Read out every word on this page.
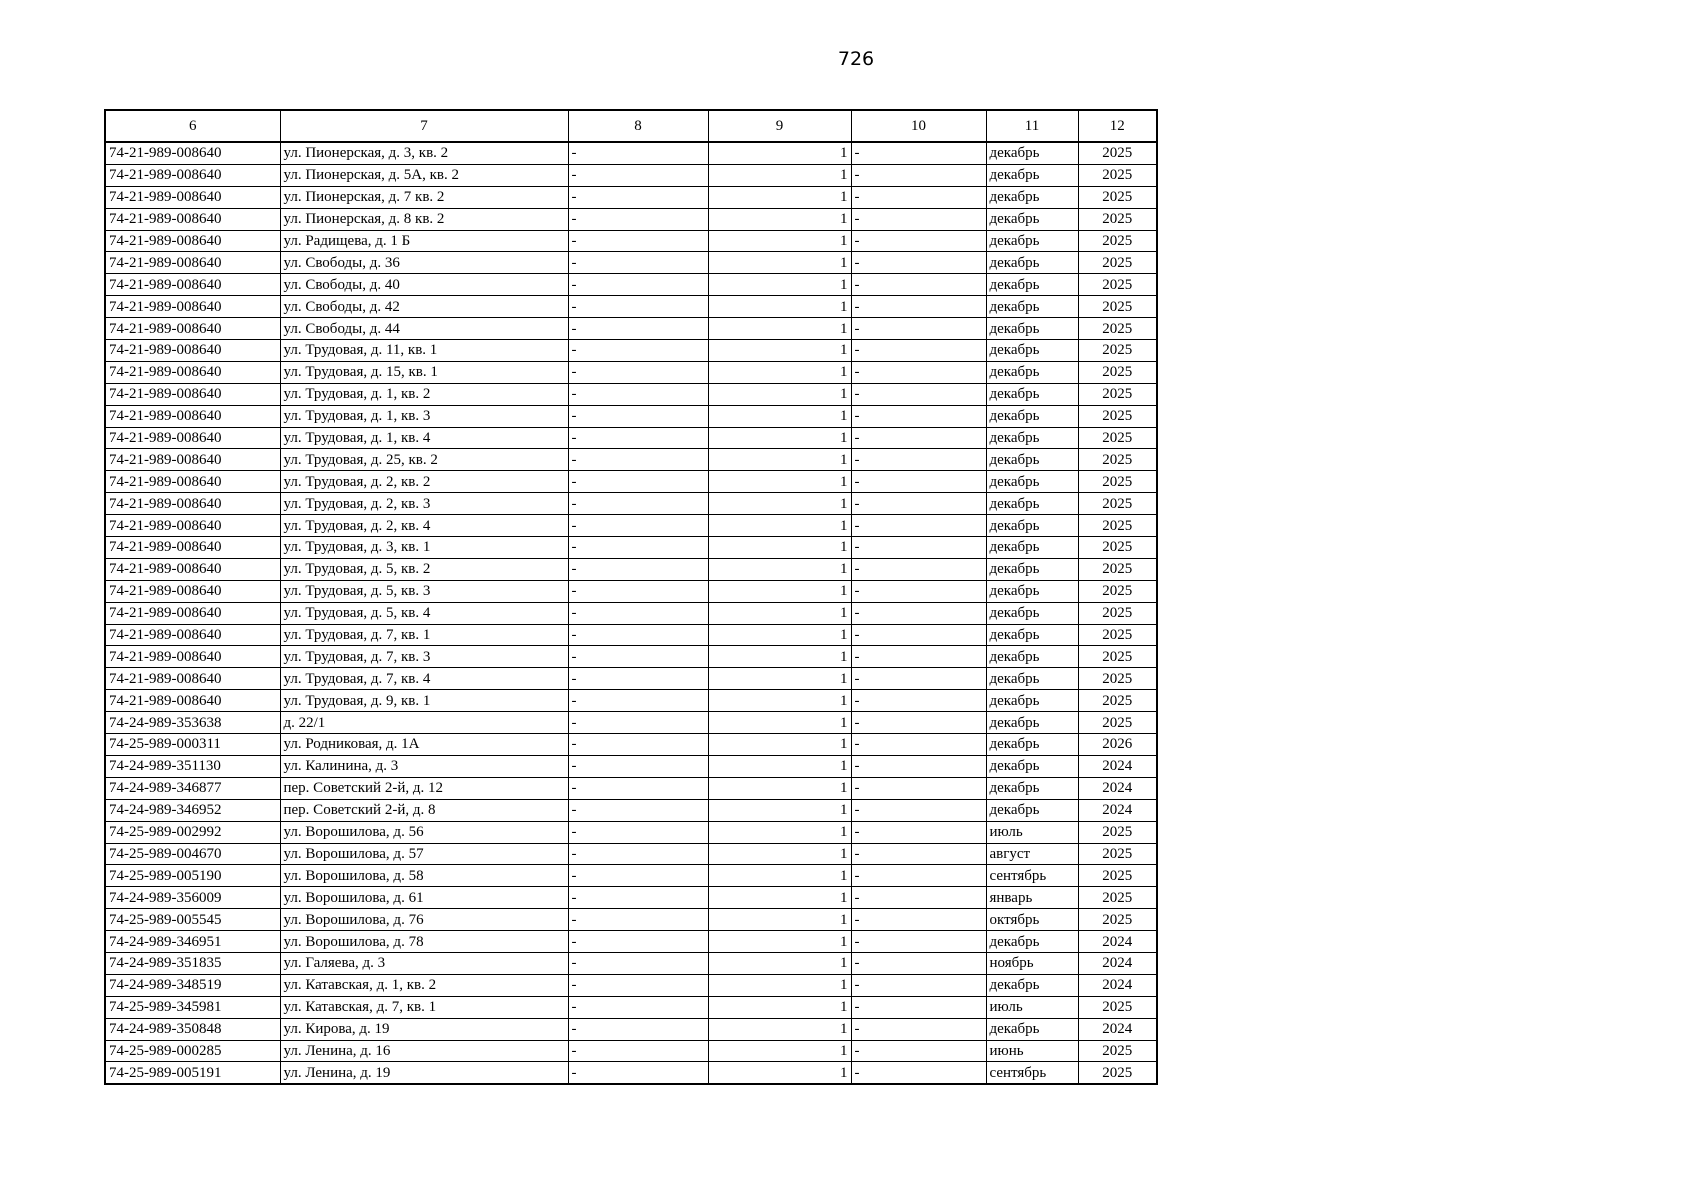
726
6	7	8	9	10	11	12
74-21-989-008640	ул. Пионерская, д. 3, кв. 2	-	1	-	декабрь	2025
74-21-989-008640	ул. Пионерская, д. 5А, кв. 2	-	1	-	декабрь	2025
74-21-989-008640	ул. Пионерская, д. 7 кв. 2	-	1	-	декабрь	2025
74-21-989-008640	ул. Пионерская, д. 8 кв. 2	-	1	-	декабрь	2025
74-21-989-008640	ул. Радищева, д. 1 Б	-	1	-	декабрь	2025
74-21-989-008640	ул. Свободы, д. 36	-	1	-	декабрь	2025
74-21-989-008640	ул. Свободы, д. 40	-	1	-	декабрь	2025
74-21-989-008640	ул. Свободы, д. 42	-	1	-	декабрь	2025
74-21-989-008640	ул. Свободы, д. 44	-	1	-	декабрь	2025
74-21-989-008640	ул. Трудовая, д. 11, кв. 1	-	1	-	декабрь	2025
74-21-989-008640	ул. Трудовая, д. 15, кв. 1	-	1	-	декабрь	2025
74-21-989-008640	ул. Трудовая, д. 1, кв. 2	-	1	-	декабрь	2025
74-21-989-008640	ул. Трудовая, д. 1, кв. 3	-	1	-	декабрь	2025
74-21-989-008640	ул. Трудовая, д. 1, кв. 4	-	1	-	декабрь	2025
74-21-989-008640	ул. Трудовая, д. 25, кв. 2	-	1	-	декабрь	2025
74-21-989-008640	ул. Трудовая, д. 2, кв. 2	-	1	-	декабрь	2025
74-21-989-008640	ул. Трудовая, д. 2, кв. 3	-	1	-	декабрь	2025
74-21-989-008640	ул. Трудовая, д. 2, кв. 4	-	1	-	декабрь	2025
74-21-989-008640	ул. Трудовая, д. 3, кв. 1	-	1	-	декабрь	2025
74-21-989-008640	ул. Трудовая, д. 5, кв. 2	-	1	-	декабрь	2025
74-21-989-008640	ул. Трудовая, д. 5, кв. 3	-	1	-	декабрь	2025
74-21-989-008640	ул. Трудовая, д. 5, кв. 4	-	1	-	декабрь	2025
74-21-989-008640	ул. Трудовая, д. 7, кв. 1	-	1	-	декабрь	2025
74-21-989-008640	ул. Трудовая, д. 7, кв. 3	-	1	-	декабрь	2025
74-21-989-008640	ул. Трудовая, д. 7, кв. 4	-	1	-	декабрь	2025
74-21-989-008640	ул. Трудовая, д. 9, кв. 1	-	1	-	декабрь	2025
74-24-989-353638	д. 22/1	-	1	-	декабрь	2025
74-25-989-000311	ул. Родниковая, д. 1А	-	1	-	декабрь	2026
74-24-989-351130	ул. Калинина, д. 3	-	1	-	декабрь	2024
74-24-989-346877	пер. Советский 2-й, д. 12	-	1	-	декабрь	2024
74-24-989-346952	пер. Советский 2-й, д. 8	-	1	-	декабрь	2024
74-25-989-002992	ул. Ворошилова, д. 56	-	1	-	июль	2025
74-25-989-004670	ул. Ворошилова, д. 57	-	1	-	август	2025
74-25-989-005190	ул. Ворошилова, д. 58	-	1	-	сентябрь	2025
74-24-989-356009	ул. Ворошилова, д. 61	-	1	-	январь	2025
74-25-989-005545	ул. Ворошилова, д. 76	-	1	-	октябрь	2025
74-24-989-346951	ул. Ворошилова, д. 78	-	1	-	декабрь	2024
74-24-989-351835	ул. Галяева, д. 3	-	1	-	ноябрь	2024
74-24-989-348519	ул. Катавская, д. 1, кв. 2	-	1	-	декабрь	2024
74-25-989-345981	ул. Катавская, д. 7, кв. 1	-	1	-	июль	2025
74-24-989-350848	ул. Кирова, д. 19	-	1	-	декабрь	2024
74-25-989-000285	ул. Ленина, д. 16	-	1	-	июнь	2025
74-25-989-005191	ул. Ленина, д. 19	-	1	-	сентябрь	2025
